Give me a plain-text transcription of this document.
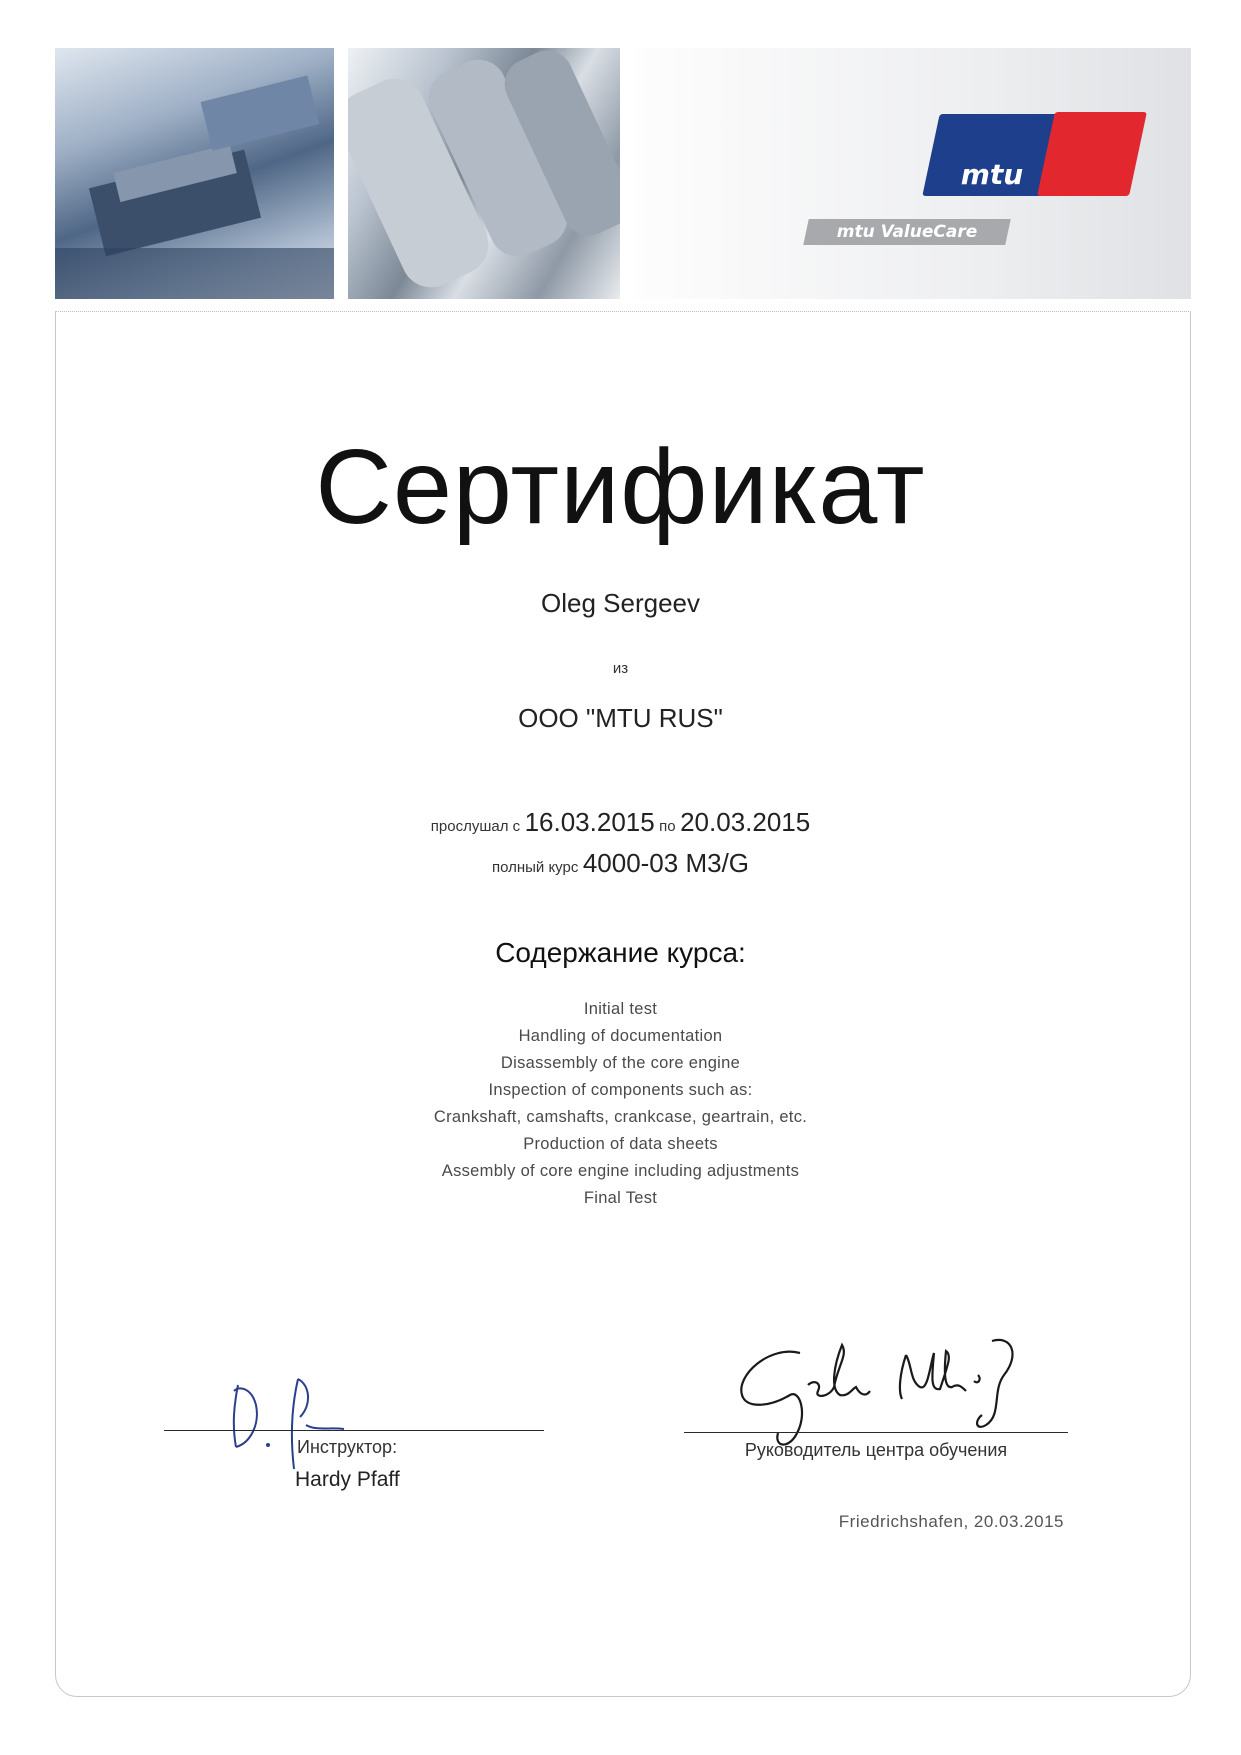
mtu
mtu ValueCare
Сертификат
Oleg Sergeev
из
OOO "MTU RUS"
прослушал с 16.03.2015 по 20.03.2015
полный курс 4000-03 M3/G
Содержание курса:
Initial test
Handling of documentation
Disassembly of the core engine
Inspection of components such as:
Crankshaft, camshafts, crankcase, geartrain, etc.
Production of data sheets
Assembly of core engine including adjustments
Final Test
Инструктор:
Hardy Pfaff
Руководитель центра обучения
Friedrichshafen, 20.03.2015
